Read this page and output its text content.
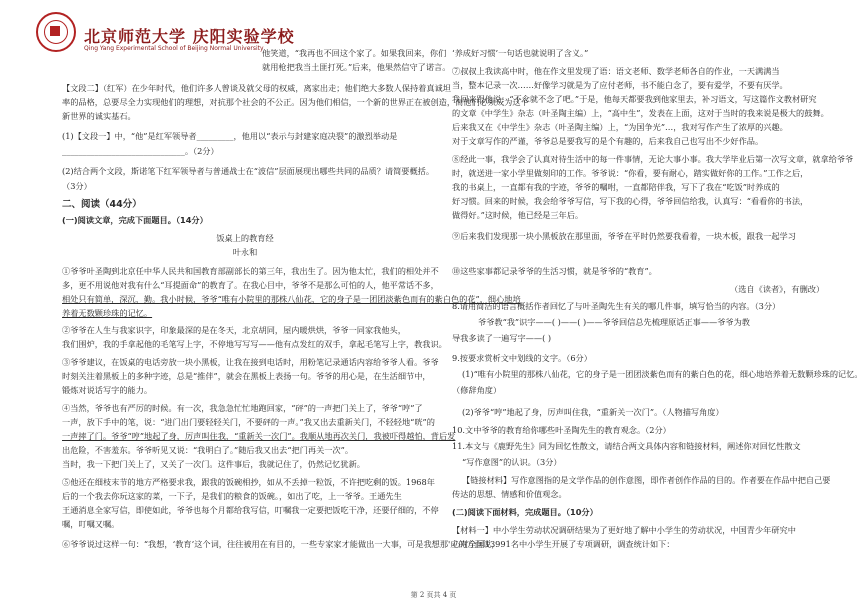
北京师范大学 庆阳实验学校
Qing Yang Experimental School of Beijing Normal University
他笑道，“我再也不回这个家了。如果我回来，你们
就用枪把我当土匪打死。”后来，他果然信守了诺言。
【文段二】（红军）在少年时代，他们许多人曾谈及就父母的权威，离家出走；他们绝大多数人保持着真诚坦
率的品格，总要尽全力实现他们的理想，对抗那个社会的不公正。因为他们相信，一个新的世界正在被创造，而他们必须成为这个
新世界的诚实基石。
(1)【文段一】中，“他”是红军领导者_________，他用以“表示与封建家庭决裂”的激烈举动是
______________________________。（2分）
(2)结合两个文段，斯诺笔下红军领导者与普通战士在“波信”层面展现出哪些共同的品质？请简要概括。
（3分）
二、阅读（44分）
(一)阅读文章，完成下面题目。（14分）
饭桌上的教育经
叶永和
①爷爷叶圣陶到北京任中华人民共和国教育部副部长的第三年，我出生了。因为他太忙，我们的相处并不
多，更不用说他对我有什么“耳提面命”的教育了。在我心目中，爷爷不是那么可怕的人，他平常话不多，
相处只有简单，深沉，勤。我小时候，爷爷“唯有小院里的那株八仙花，它的身子是一团团淡紫色而有的紫白色的花”，细心地培
养着无数颗珍珠的记忆。
②爷爷在人生与我家识字，印象最深的是在冬天，北京胡同，屋内暖烘烘，爷爷一同家我他头，
我们围炉，我的手拿起他的毛笔写上字，不停地写写写——他有点发红的双手，拿起毛笔写上字，教我识。
③爷爷建议，在饭桌的电话旁放一块小黑板，让我在接到电话时，用粉笔记录通话内容给爷爷人看。爷爷
时刻关注着黑板上的多种字迹，总是“推伴”，就会在黑板上表扬一句。爷爷的用心是，在生活细节中，
锻炼对说话写字的能力。
④当然，爷爷也有严厉的时候。有一次，我急急忙忙地跑回家，“砰”的一声把门关上了，爷爷“哼”了
一声，放下手中的笔，说：“进门出门要轻轻关门，不要砰的一声。”我又出去重新关门，不轻轻地“咣”的
一声摔了门。爷爷“哼”地起了身，厉声叫住我，“重新关一次门”。我顺从地再次关门，我被吓得越怕，背后发
出危险，不害羞东。爷爷听见又说：“我明白了。”随后我又出去“把门再关一次”。
当时，我一下把门关上了，又关了一次门。这件事后，我就记住了，仍然记忆犹新。
⑤他还在细枝末节的地方严格要求我，跟我的饭碗相抄，如从不丢掉一粒饭，不许把吃剩的饭。1968年
后的一个我去你玩这家的菜，一下子，是我们的粮食的饭碗。，如出了吃，上一爷爷。王通先生
王通消息全家写信，即使如此，爷爷也每个月都给我写信，叮嘱我一定要把饭吃干净，还要仔细的，不停
嘱，叮嘱又嘱。
⑥爷爷说过这样一句：“我想，‘教育’这个词，往往被用在有目的，一些专家家才能做出一大事，可是我想那'应的方面说，
‘养成好习惯’一句话也就说明了含义。”
⑦叔叔上我读高中时，他在作文里发现了语：语文老师、数学老师各自的作业，一天满满当
当，整本记录一次……好像学习就是为了应付老师，书不能白念了，要有爱学，不要有厌学。
我回来跟他说：“不念就不念了吧。”于是，他每天都要我到他家里去，补习语文，写这篇作文教材研究
的文章《中学生》杂志（叶圣陶主编）上，“高中生”，发表在上面，这对于当时的我来说是极大的鼓舞。
后来我又在《中学生》杂志（叶圣陶主编）上，“为国争光”…，我对写作产生了浓厚的兴趣。
对于文章写作的严谨，爷爷总是要我写的是个有趣的，后来我自己也写出不少好作品。
⑧经此一事，我学会了认真对待生活中的每一件事情，无论大事小事。我大学毕业后第一次写文章，就拿给爷爷
时，就送进一家小学里做刻印的工作。爷爷说：“你看，要有耐心，踏实做好你的工作。”工作之后，
我的书桌上，一直都有我的字迹，爷爷的嘱咐，一直都陪伴我，写下了我在“吃饭”时养成的
好习惯。回来的时候，我会给爷爷写信，写下我的心得，爷爷回信给我，认真写：“看看你的书法，
做得好。”这时候，他已经是三年后。
⑨后来我们发现那一块小黑板放在那里面，爷爷在平时仍然要我看着，一块木板，跟我一起学习
⑩这些家事都记录爷爷的生活习惯，就是爷爷的“教育”。
（选自《读者》，有删改）
8.请用简洁的语言概括作者回忆了与叶圣陶先生有关的哪几件事，填写恰当的内容。（3分）
爷爷教“我”识字——( )——( )——爷爷回信总先梳理原话正事——爷爷为教
导我多读了一遍写字——( )
9.按要求赏析文中划线的文字。（6分）
(1)“唯有小院里的那株八仙花，它的身子是一团团淡紫色而有的紫白色的花，细心地培养着无数颗珍珠的记忆。
（修辞角度）
(2)爷爷“哼”地起了身，厉声叫住我，“重新关一次门”。（人物描写角度）
10.文中爷爷的教育给你哪些叶圣陶先生的教育观念。（2分）
11.本文与《鹿野先生》同为回忆性散文，请结合两文具体内容和链接材料，阐述你对回忆性散文
“写作意图”的认识。（3分）
【链接材料】写作意图指的是文学作品的创作意图，即作者创作作品的目的。作者要在作品中把自己要
传达的思想、情感和价值观念。
(二)阅读下面材料，完成题目。（10分）
【材料一】中小学生劳动状况调研结果为了更好地了解中小学生的劳动状况，中国青少年研究中
心对全国13991名中小学生开展了专项调研，调查统计如下：
第 2 页共 4 页
